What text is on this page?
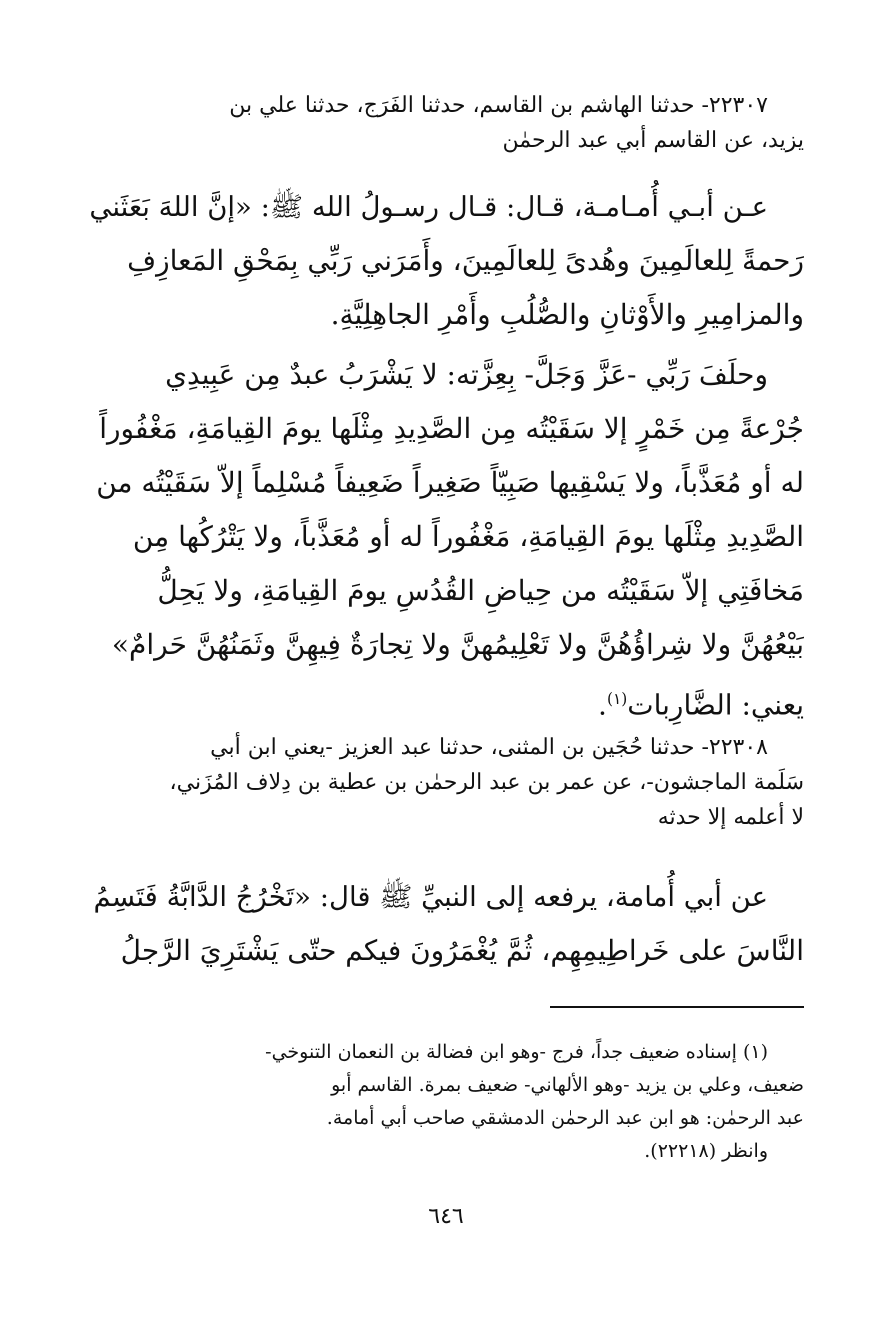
٢٢٣٠٧- حدثنا الهاشم بن القاسم، حدثنا الفَرَج، حدثنا علي بن
يزيد، عن القاسم أبي عبد الرحمٰن
عـن أبـي أُمـامـة، قـال: قـال رسـولُ الله ﷺ: «إنَّ اللهَ بَعَثَني
رَحمةً لِلعالَمِينَ وهُدىً لِلعالَمِينَ، وأَمَرَني رَبِّي بِمَحْقِ المَعازِفِ
والمزامِيرِ والأَوْثانِ والصُّلُبِ وأَمْرِ الجاهِلِيَّةِ.
وحلَفَ رَبِّي -عَزَّ وَجَلَّ- بِعِزَّته: لا يَشْرَبُ عبدٌ مِن عَبِيدِي
جُرْعةً مِن خَمْرٍ إلا سَقَيْتُه مِن الصَّدِيدِ مِثْلَها يومَ القِيامَةِ، مَغْفُوراً
له أو مُعَذَّباً، ولا يَسْقِيها صَبِيّاً صَغِيراً ضَعِيفاً مُسْلِماً إلاّ سَقَيْتُه من
الصَّدِيدِ مِثْلَها يومَ القِيامَةِ، مَغْفُوراً له أو مُعَذَّباً، ولا يَتْرُكُها مِن
مَخافَتِي إلاّ سَقَيْتُه من حِياضِ القُدُسِ يومَ القِيامَةِ، ولا يَحِلُّ
بَيْعُهُنَّ ولا شِراؤُهُنَّ ولا تَعْلِيمُهنَّ ولا تِجارَةٌ فِيهِنَّ وثَمَنُهُنَّ حَرامٌ»
يعني: الضَّارِبات$^{(١)}$.
٢٢٣٠٨- حدثنا حُجَين بن المثنى، حدثنا عبد العزيز -يعني ابن أبي
سَلَمة الماجشون-، عن عمر بن عبد الرحمٰن بن عطية بن دِلاف المُزَني،
لا أعلمه إلا حدثه
عن أبي أُمامة، يرفعه إلى النبيِّ ﷺ قال: «تَخْرُجُ الدَّابَّةُ فَتَسِمُ
النَّاسَ على خَراطِيمِهِم، ثُمَّ يُغْمَرُونَ فيكم حتّى يَشْتَرِيَ الرَّجلُ
(١) إسناده ضعيف جداً، فرج -وهو ابن فضالة بن النعمان التنوخي-
ضعيف، وعلي بن يزيد -وهو الألهاني- ضعيف بمرة. القاسم أبو
عبد الرحمٰن: هو ابن عبد الرحمٰن الدمشقي صاحب أبي أمامة.
وانظر (٢٢٢١٨).
٦٤٦
